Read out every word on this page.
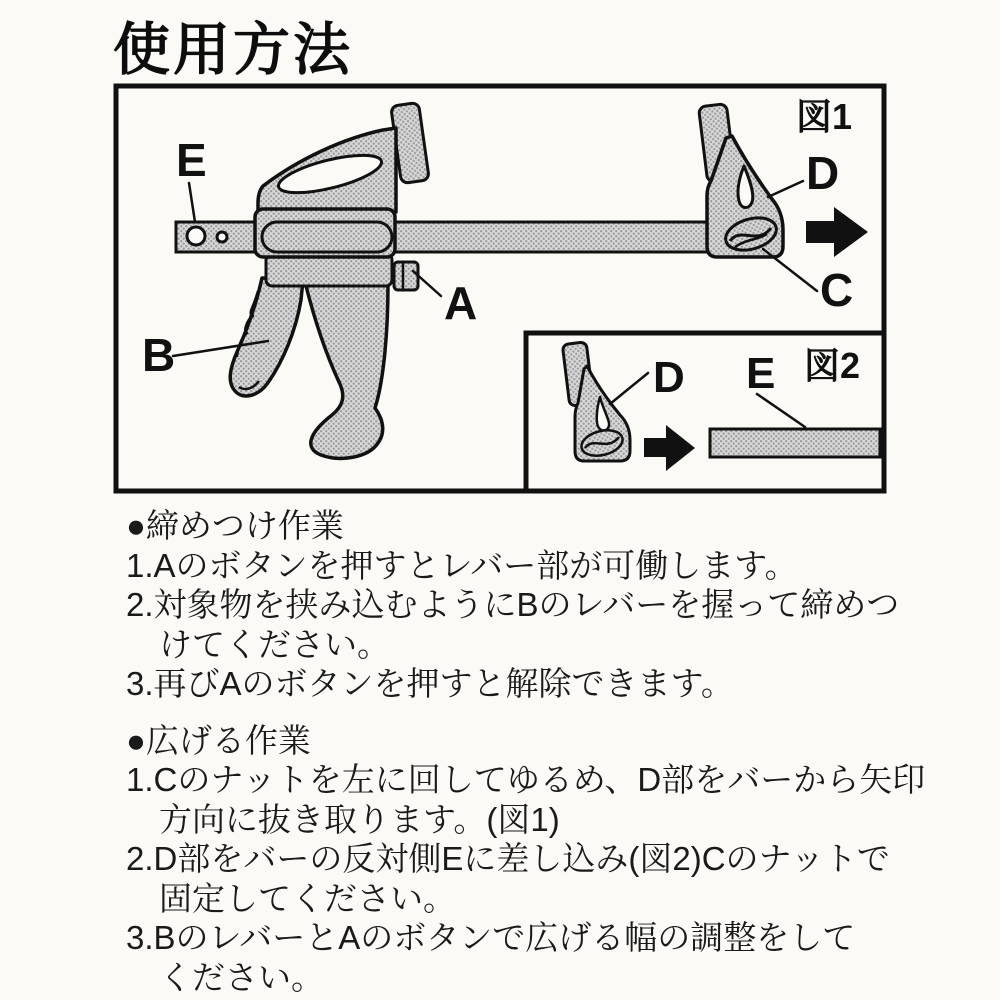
使用方法
E	D
C
A
B
図1
D E 図2
●締めつけ作業
1.Aのボタンを押すとレバー部が可働します。
2.対象物を挟み込むようにBのレバーを握って締めつ
けてください。
3.再びAのボタンを押すと解除できます。
●広げる作業
1.Cのナットを左に回してゆるめ、D部をバーから矢印
方向に抜き取ります。(図1)
2.D部をバーの反対側Eに差し込み(図2)Cのナットで
固定してください。
3.BのレバーとAのボタンで広げる幅の調整をして
ください。
